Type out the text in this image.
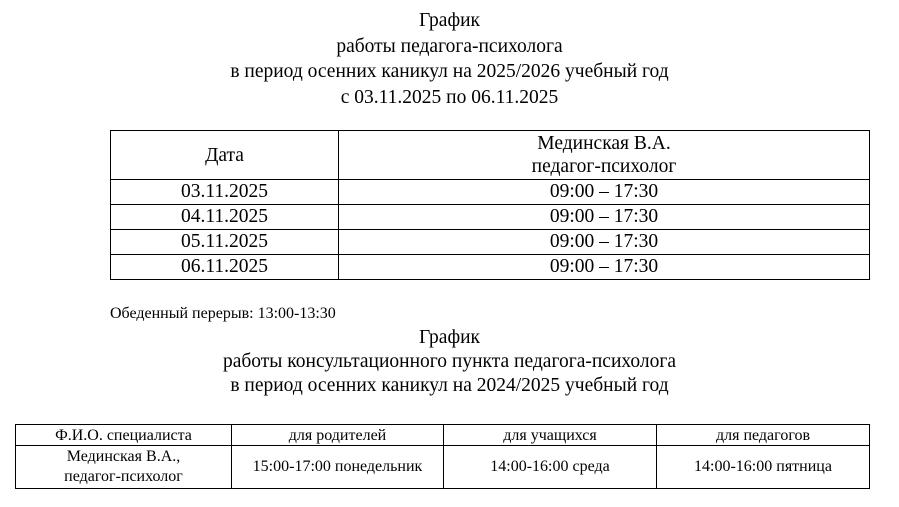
График
работы педагога-психолога
в период осенних каникул на 2025/2026 учебный год
с 03.11.2025 по 06.11.2025
Дата	Мединская В.А.
педагог-психолог

03.11.2025	09:00 – 17:30
04.11.2025	09:00 – 17:30
05.11.2025	09:00 – 17:30
06.11.2025	09:00 – 17:30
Обеденный перерыв: 13:00-13:30
График
работы консультационного пункта педагога-психолога
в период осенних каникул на 2024/2025 учебный год
Ф.И.О. специалиста	для родителей	для учащихся	для педагогов

Мединская В.А.,
педагог-психолог	15:00-17:00 понедельник	14:00-16:00 среда	14:00-16:00 пятница
